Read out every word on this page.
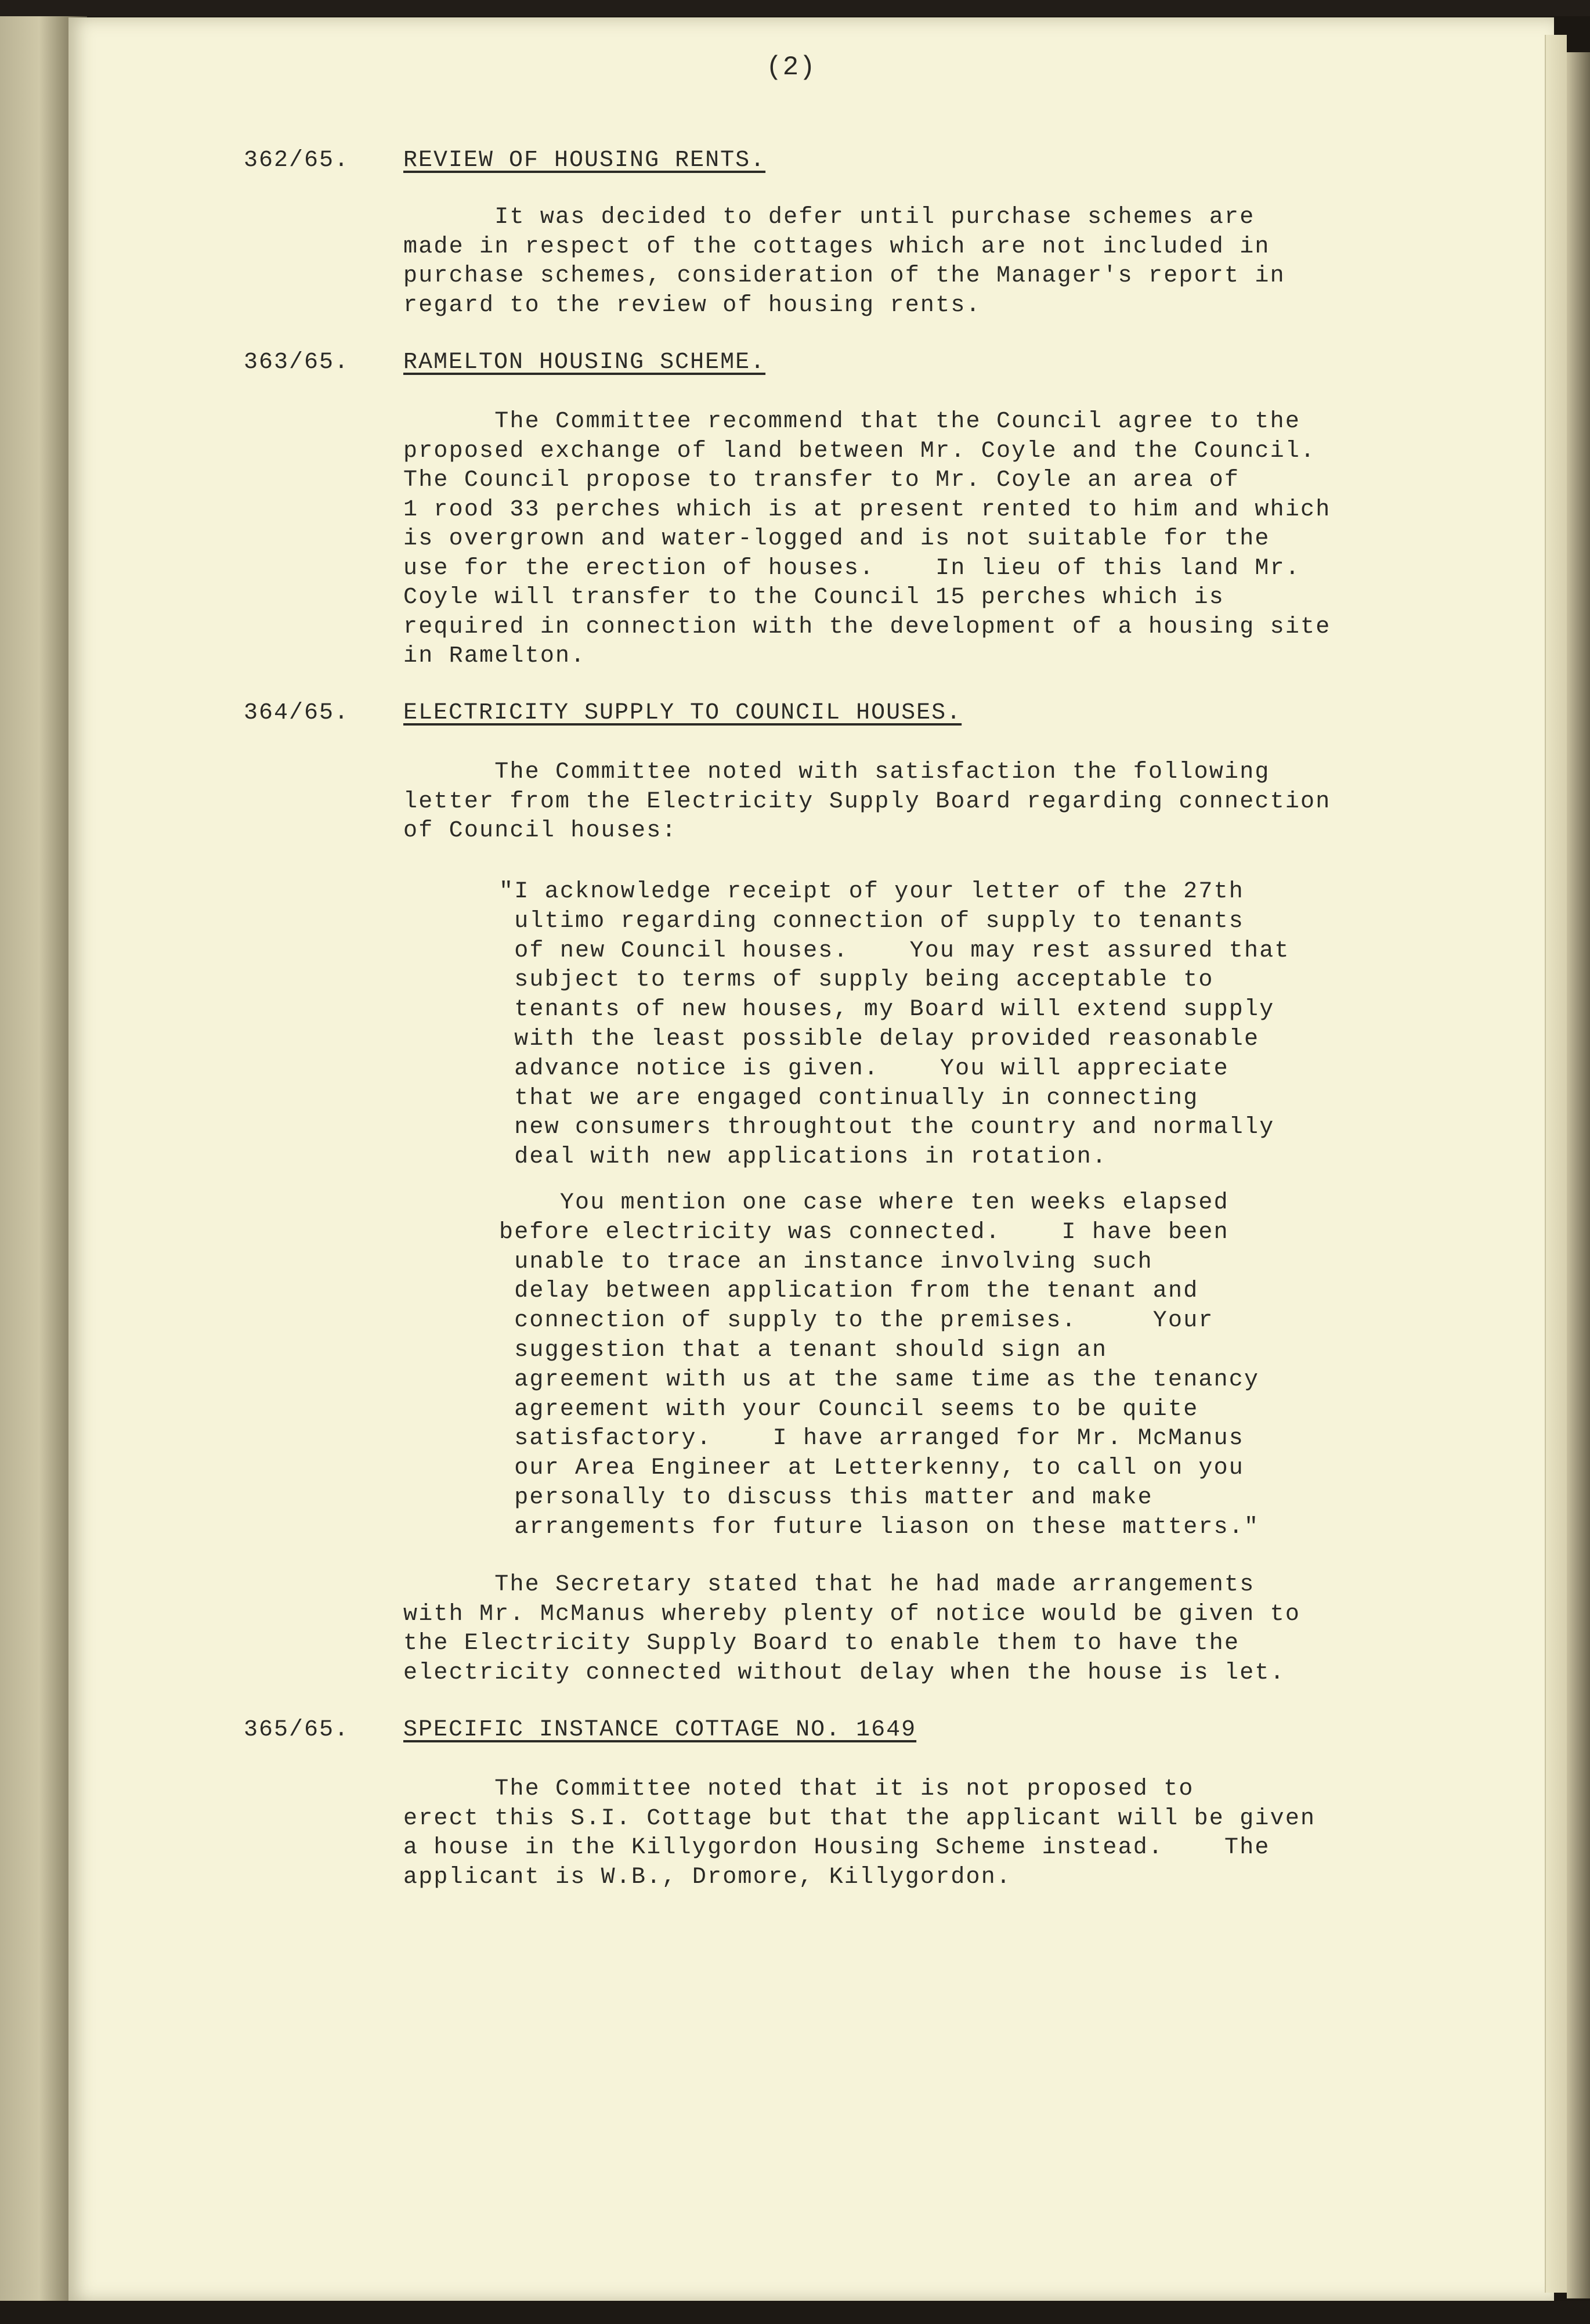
(2)
362/65. REVIEW OF HOUSING RENTS.

It was decided to defer until purchase schemes are
made in respect of the cottages which are not included in
purchase schemes, consideration of the Manager's report in
regard to the review of housing rents.

363/65. RAMELTON HOUSING SCHEME.

The Committee recommend that the Council agree to the
proposed exchange of land between Mr. Coyle and the Council.
The Council propose to transfer to Mr. Coyle an area of
1 rood 33 perches which is at present rented to him and which
is overgrown and water-logged and is not suitable for the
use for the erection of houses.    In lieu of this land Mr.
Coyle will transfer to the Council 15 perches which is
required in connection with the development of a housing site
in Ramelton.

364/65. ELECTRICITY SUPPLY TO COUNCIL HOUSES.

The Committee noted with satisfaction the following
letter from the Electricity Supply Board regarding connection
of Council houses:

"I acknowledge receipt of your letter of the 27th
ultimo regarding connection of supply to tenants
of new Council houses.    You may rest assured that
subject to terms of supply being acceptable to
tenants of new houses, my Board will extend supply
with the least possible delay provided reasonable
advance notice is given.    You will appreciate
that we are engaged continually in connecting
new consumers throughtout the country and normally
deal with new applications in rotation.

You mention one case where ten weeks elapsed
before electricity was connected.    I have been
unable to trace an instance involving such
delay between application from the tenant and
connection of supply to the premises.     Your
suggestion that a tenant should sign an
agreement with us at the same time as the tenancy
agreement with your Council seems to be quite
satisfactory.    I have arranged for Mr. McManus
our Area Engineer at Letterkenny, to call on you
personally to discuss this matter and make
arrangements for future liason on these matters."

The Secretary stated that he had made arrangements
with Mr. McManus whereby plenty of notice would be given to
the Electricity Supply Board to enable them to have the
electricity connected without delay when the house is let.

365/65. SPECIFIC INSTANCE COTTAGE NO. 1649

The Committee noted that it is not proposed to
erect this S.I. Cottage but that the applicant will be given
a house in the Killygordon Housing Scheme instead.    The
applicant is W.B., Dromore, Killygordon.
